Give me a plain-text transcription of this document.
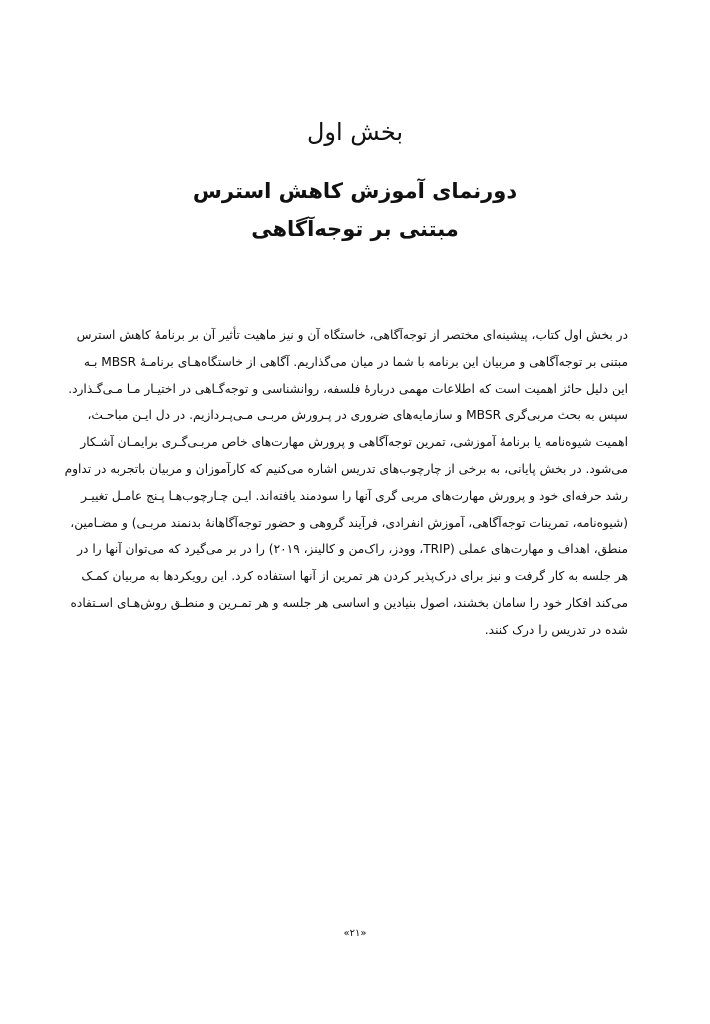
بخش اول
دورنمای آموزش کاهش استرس
مبتنی بر توجه‌آگاهی

در بخش اول کتاب، پیشینه‌ای مختصر از توجه‌آگاهی، خاستگاه آن و نیز ماهیت تأثیر آن بر برنامهٔ کاهش استرس
مبتنی بر توجه‌آگاهی و مربیان این برنامه با شما در میان می‌گذاریم. آگاهی از خاستگاه‌هـای برنامـهٔ MBSR بـه
این دلیل حائز اهمیت است که اطلاعات مهمی دربارهٔ فلسفه، روانشناسی و توجه‌گـاهی در اختیـار مـا مـی‌گـذارد.
سپس به بحث مربی‌گری MBSR و سازمایه‌های ضروری در پـرورش مربـی مـی‌پـردازیم. در دل ایـن مباحـث،
اهمیت شیوه‌نامه یا برنامهٔ آموزشی، تمرین توجه‌آگاهی و پرورش مهارت‌های خاص مربـی‌گـری برایمـان آشـکار
می‌شود. در بخش پایانی، به برخی از چارچوب‌های تدریس اشاره می‌کنیم که کارآموزان و مربیان باتجربه در تداوم
رشد حرفه‌ای خود و پرورش مهارت‌های مربی گری آنها را سودمند یافته‌اند. ایـن چـارچوب‌هـا پـنج عامـل تغییـر
(شیوه‌نامه، تمرینات توجه‌آگاهی، آموزش انفرادی، فرآیند گروهی و حضور توجه‌آگاهانهٔ بدنمند مربـی) و مضـامین،
منطق، اهداف و مهارت‌های عملی (TRIP، وودز، راک‌من و کالینز، ۲۰۱۹) را در بر می‌گیرد که می‌توان آنها را در
هر جلسه به کار گرفت و نیز برای درک‌پذیر کردن هر تمرین از آنها استفاده کرد. این رویکردها به مربیان کمـک
می‌کند افکار خود را سامان بخشند، اصول بنیادین و اساسی هر جلسه و هر تمـرین و منطـق روش‌هـای اسـتفاده
شده در تدریس را درک کنند.

«۲۱»
